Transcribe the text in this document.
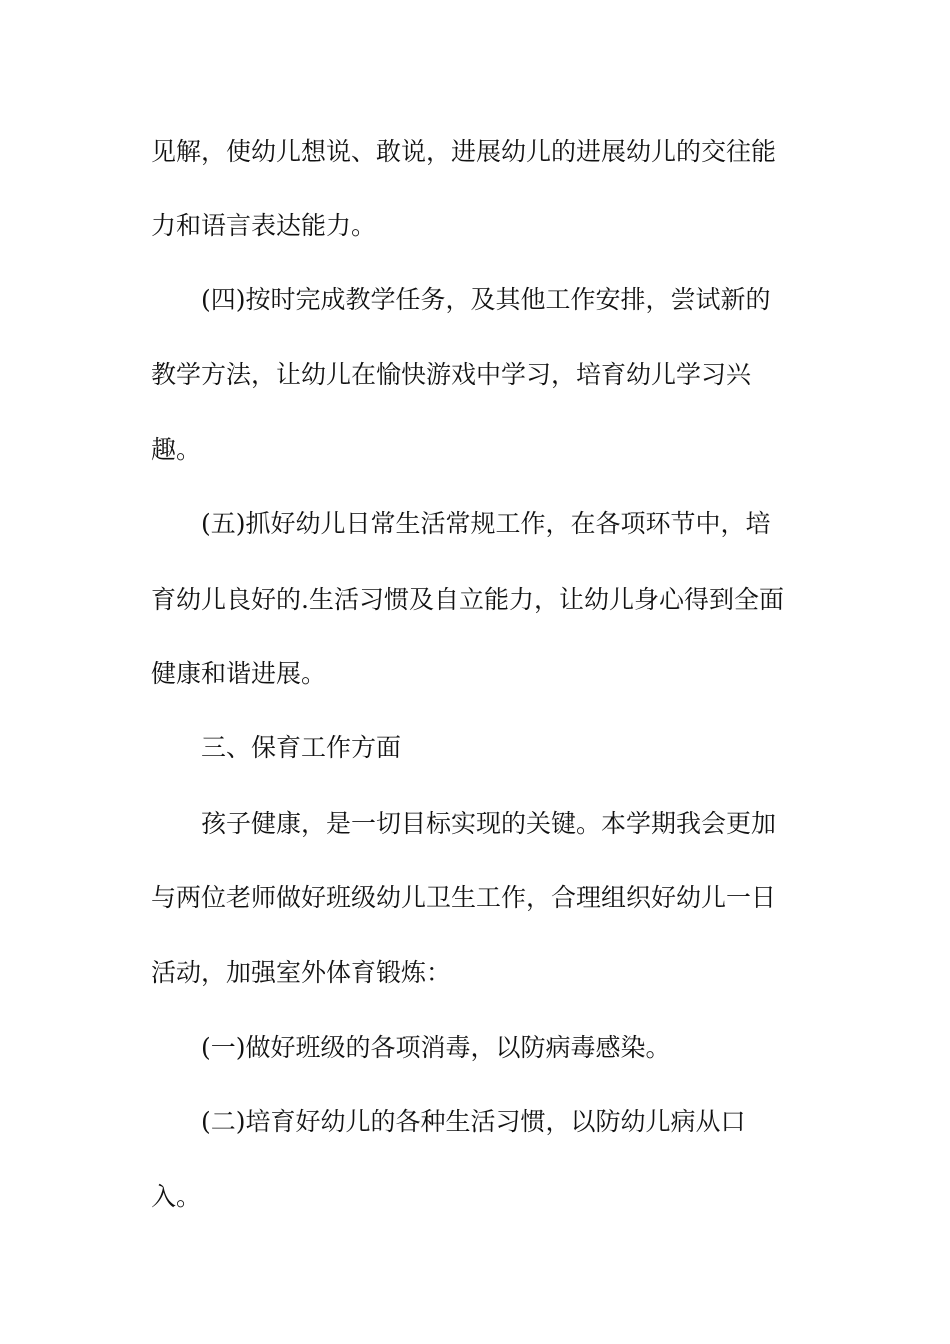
见解，使幼儿想说、敢说，进展幼儿的进展幼儿的交往能
力和语言表达能力。
(四)按时完成教学任务，及其他工作安排，尝试新的
教学方法，让幼儿在愉快游戏中学习，培育幼儿学习兴
趣。
(五)抓好幼儿日常生活常规工作，在各项环节中，培
育幼儿良好的.生活习惯及自立能力，让幼儿身心得到全面
健康和谐进展。
三、保育工作方面
孩子健康，是一切目标实现的关键。本学期我会更加
与两位老师做好班级幼儿卫生工作，合理组织好幼儿一日
活动，加强室外体育锻炼：
(一)做好班级的各项消毒，以防病毒感染。
(二)培育好幼儿的各种生活习惯，以防幼儿病从口
入。
